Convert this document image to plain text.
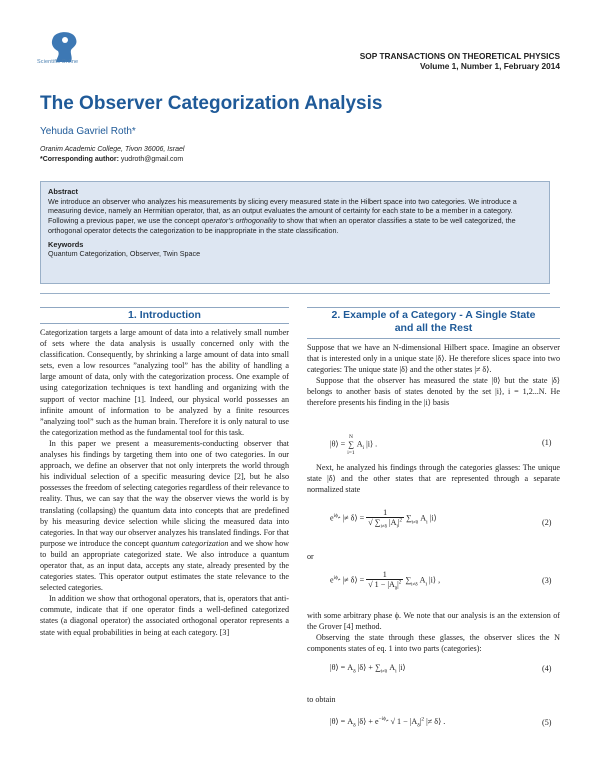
Scientific Online
SOP TRANSACTIONS ON THEORETICAL PHYSICS
Volume 1, Number 1, February 2014
The Observer Categorization Analysis
Yehuda Gavriel Roth*
Oranim Academic College, Tivon 36006, Israel
*Corresponding author: yudroth@gmail.com
Abstract

We introduce an observer who analyzes his measurements by slicing every measured state in the Hilbert space into two categories. We introduce a measuring device, namely an Hermitian operator, that, as an output evaluates the amount of certainty for each state to be a member in a category. Following a previous paper, we use the concept operator’s orthogonality to show that when an operator classifies a state to be well categorized, the orthogonal operator detects the categorization to be inappropriate in the state classification.

Keywords

Quantum Categorization, Observer, Twin Space

1. Introduction

Categorization targets a large amount of data into a relatively small number of sets where the data analysis is usually concerned only with the classification. Consequently, by shrinking a large amount of data into small sets, even a low resources ”analyzing tool” has the ability of handling a large amount of data, only with the categorization process. One example of using categorization techniques is text handling and organizing with the support of vector machine [1]. Indeed, our physical world possesses an infinite amount of information to be analyzed by a finite resources ”analyzing tool” such as the human brain. Therefore it is only natural to use the categorization method as the fundamental tool for this task.

In this paper we present a measurements-conducting observer that analyses his findings by targeting them into one of two categories. In our approach, we define an observer that not only interprets the world through his individual selection of a specific measuring device [2], but he also possesses the freedom of selecting categories regardless of their relevance to reality. Thus, we can say that the way the observer views the world is by translating (collapsing) the quantum data into concepts that are predefined by his measuring device selection while slicing the measured data into categories. In that way our observer analyzes his translated findings. For that purpose we introduce the concept quantum categorization and we show how to build an appropriate categorized state. We also introduce a quantum operator that, as an input data, accepts any state, already presented by the categories states. This operator output estimates the state relevance to the selected categories.

In addition we show that orthogonal operators, that is, operators that anti-commute, indicate that if one operator finds a well-defined categorized states (a diagonal operator) the associated orthogonal operator represents a state with equal probabilities in being at each category. [3]

2. Example of a Category - A Single State
and all the Rest

Suppose that we have an N-dimensional Hilbert space. Imagine an observer that is interested only in a unique state |δ⟩. He therefore slices space into two categories: The unique state |δ⟩ and the other states |≠ δ⟩.

Suppose that the observer has measured the state |θ⟩ but the state |δ⟩ belongs to another basis of states denoted by the set |i⟩, i = 1,2...N. He therefore presents his finding in the |i⟩ basis

|θ⟩ = N
∑
i=1 $A_i$ |i⟩ .	(1)

Next, he analyzed his findings through the categories glasses: The unique state |δ⟩ and the other states that are represented through a separate normalized state

$e^{i\phi_\ne}$ |≠ δ⟩ = $\frac{1}{√ \sum_{i\ne\delta} |A_i|^2} \sum_{i\ne\delta}$ $A_i$ |i⟩	(2)

or

$e^{i\phi_\ne}$ |≠ δ⟩ = $\frac{1}{√ 1 - |A_\delta|^2} \sum_{i\ne\delta}$ $A_i$ |i⟩ ,	(3)

with some arbitrary phase ϕ. We note that our analysis is an the extension of the Grover [4] method.

Observing the state through these glasses, the observer slices the N components states of eq. 1 into two parts (categories):

|θ⟩ = $A_\delta$ |δ⟩ + $\sum_{i\ne\delta}$ $A_i$ |i⟩	(4)

to obtain

|θ⟩ = $A_\delta$ |δ⟩ + $e^{-i\phi_\ne}$ √ $1 - |A_\delta|^2$ |≠ δ⟩ .	(5)
